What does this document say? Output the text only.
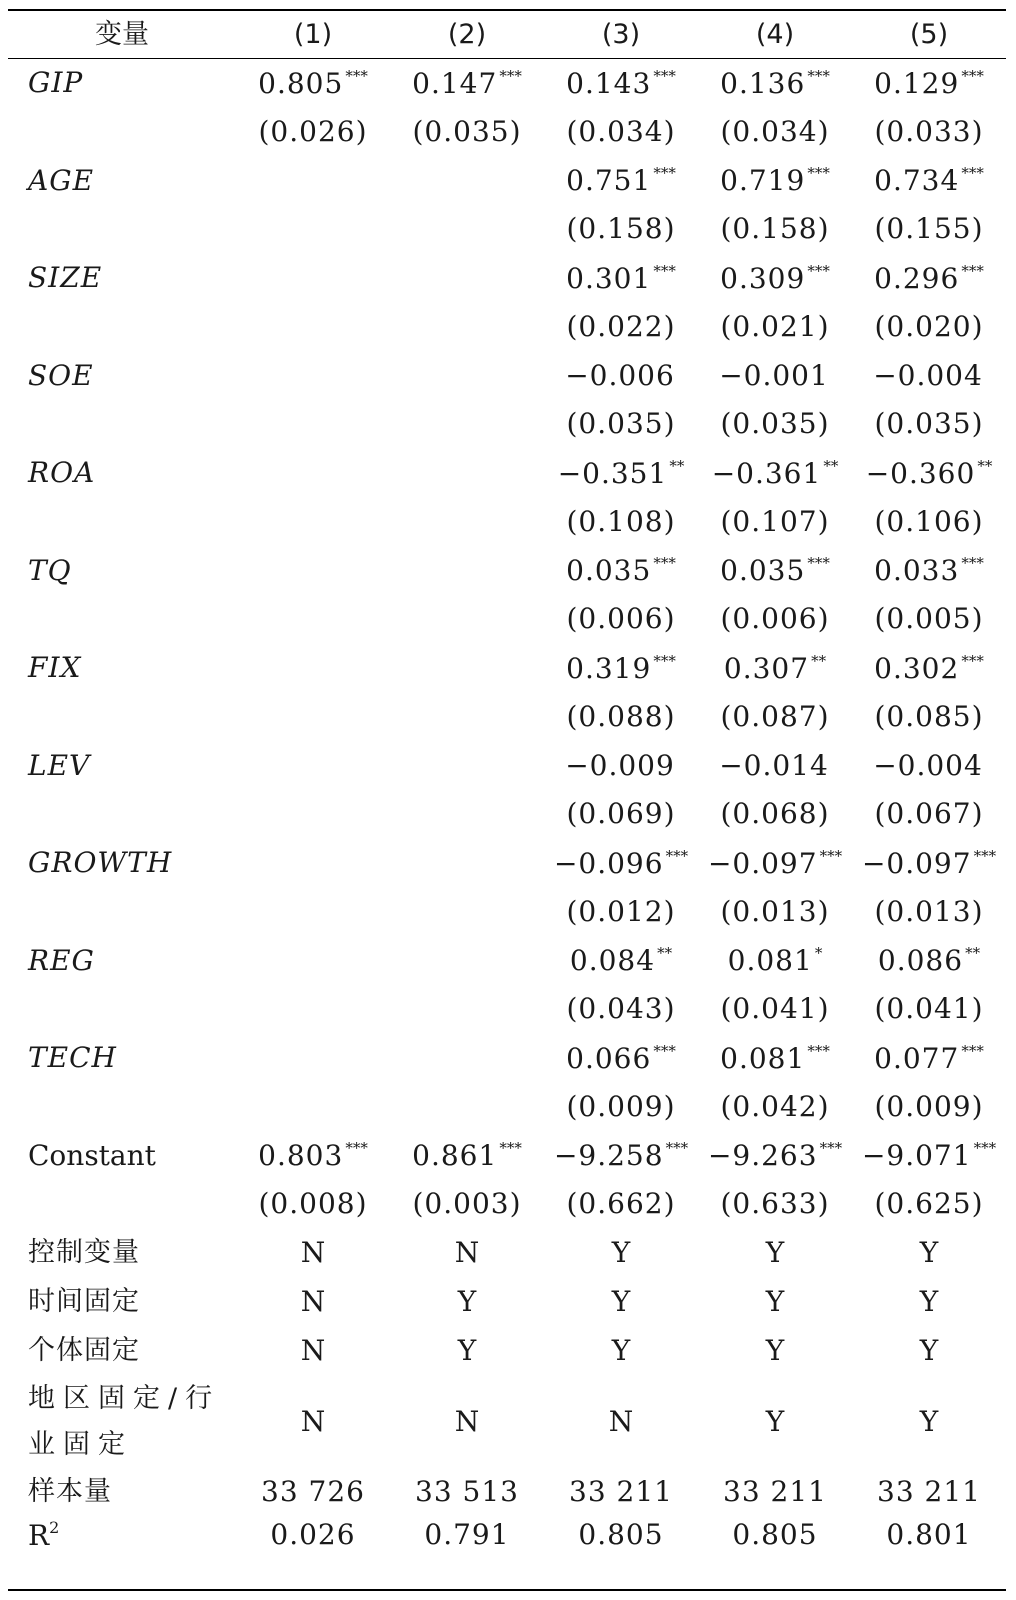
变量	(1)	(2)	(3)	(4)	(5)
GIP	0.805 ***	0.147 ***	0.143 ***	0.136 ***	0.129 ***
	(0.026)	(0.035)	(0.034)	(0.034)	(0.033)
AGE			0.751 ***	0.719 ***	0.734 ***
			(0.158)	(0.158)	(0.155)
SIZE			0.301 ***	0.309 ***	0.296 ***
			(0.022)	(0.021)	(0.020)
SOE			−0.006	−0.001	−0.004
			(0.035)	(0.035)	(0.035)
ROA			−0.351 **	−0.361 **	−0.360 **
			(0.108)	(0.107)	(0.106)
TQ			0.035 ***	0.035 ***	0.033 ***
			(0.006)	(0.006)	(0.005)
FIX			0.319 ***	0.307 **	0.302 ***
			(0.088)	(0.087)	(0.085)
LEV			−0.009	−0.014	−0.004
			(0.069)	(0.068)	(0.067)
GROWTH			−0.096 ***	−0.097 ***	−0.097 ***
			(0.012)	(0.013)	(0.013)
REG			0.084 **	0.081 *	0.086 **
			(0.043)	(0.041)	(0.041)
TECH			0.066 ***	0.081 ***	0.077 ***
			(0.009)	(0.042)	(0.009)
Constant	0.803 ***	0.861 ***	−9.258 ***	−9.263 ***	−9.071 ***
	(0.008)	(0.003)	(0.662)	(0.633)	(0.625)
控制变量	N	N	Y	Y	Y
时间固定	N	Y	Y	Y	Y
个体固定	N	Y	Y	Y	Y
地区固定/行业固定	N	N	N	Y	Y
样本量	33 726	33 513	33 211	33 211	33 211
$R^2$	0.026	0.791	0.805	0.805	0.801
